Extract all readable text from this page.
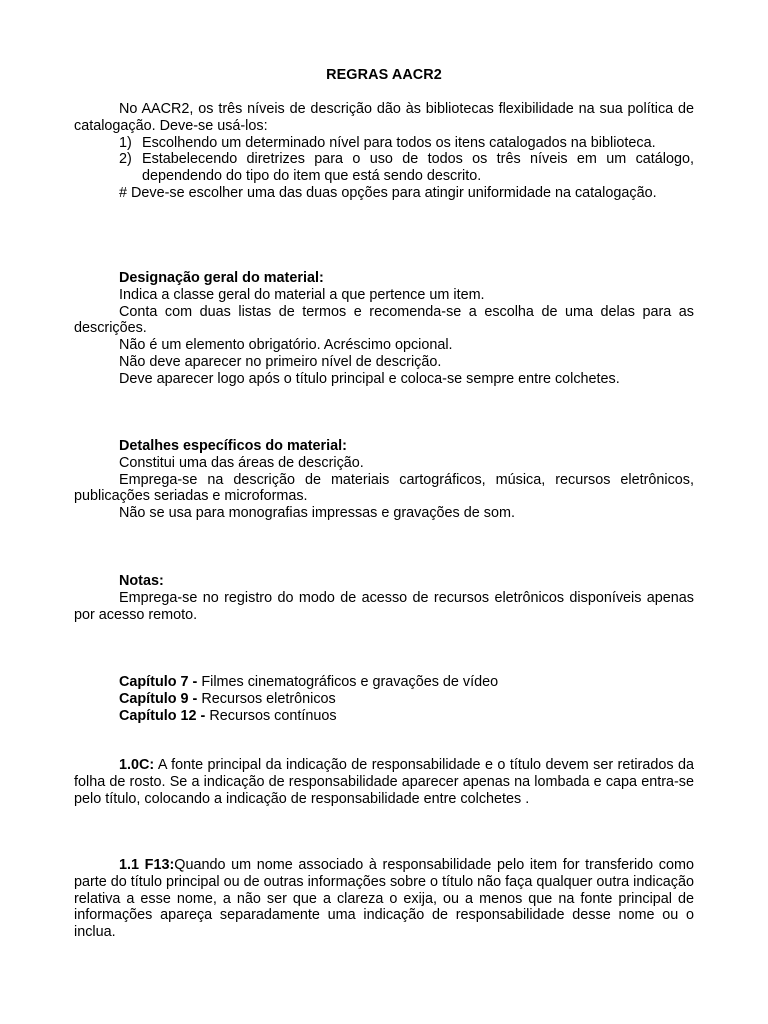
REGRAS AACR2

No AACR2, os três níveis de descrição dão às bibliotecas flexibilidade na sua política de catalogação. Deve-se usá-los:

1) Escolhendo um determinado nível para todos os itens catalogados na biblioteca.

2) Estabelecendo diretrizes para o uso de todos os três níveis em um catálogo, dependendo do tipo do item que está sendo descrito.

# Deve-se escolher uma das duas opções para atingir uniformidade na catalogação.

Designação geral do material:

Indica a classe geral do material a que pertence um item.

Conta com duas listas de termos e recomenda-se a escolha de uma delas para as descrições.

Não é um elemento obrigatório. Acréscimo opcional.

Não deve aparecer no primeiro nível de descrição.

Deve aparecer logo após o título principal e coloca-se sempre entre colchetes.

Detalhes específicos do material:

Constitui uma das áreas de descrição.

Emprega-se na descrição de materiais cartográficos, música, recursos eletrônicos, publicações seriadas e microformas.

Não se usa para monografias impressas e gravações de som.

Notas:

Emprega-se no registro do modo de acesso de recursos eletrônicos disponíveis apenas por acesso remoto.

Capítulo 7 - Filmes cinematográficos e gravações de vídeo

Capítulo 9 - Recursos eletrônicos

Capítulo 12 - Recursos contínuos

1.0C: A fonte principal da indicação de responsabilidade e o título devem ser retirados da folha de rosto. Se a indicação de responsabilidade aparecer apenas na lombada e capa entra-se pelo título, colocando a indicação de responsabilidade entre colchetes .

1.1 F13:Quando um nome associado à responsabilidade pelo item for transferido como parte do título principal ou de outras informações sobre o título não faça qualquer outra indicação relativa a esse nome, a não ser que a clareza o exija, ou a menos que na fonte principal de informações apareça separadamente uma indicação de responsabilidade desse nome ou o inclua.
